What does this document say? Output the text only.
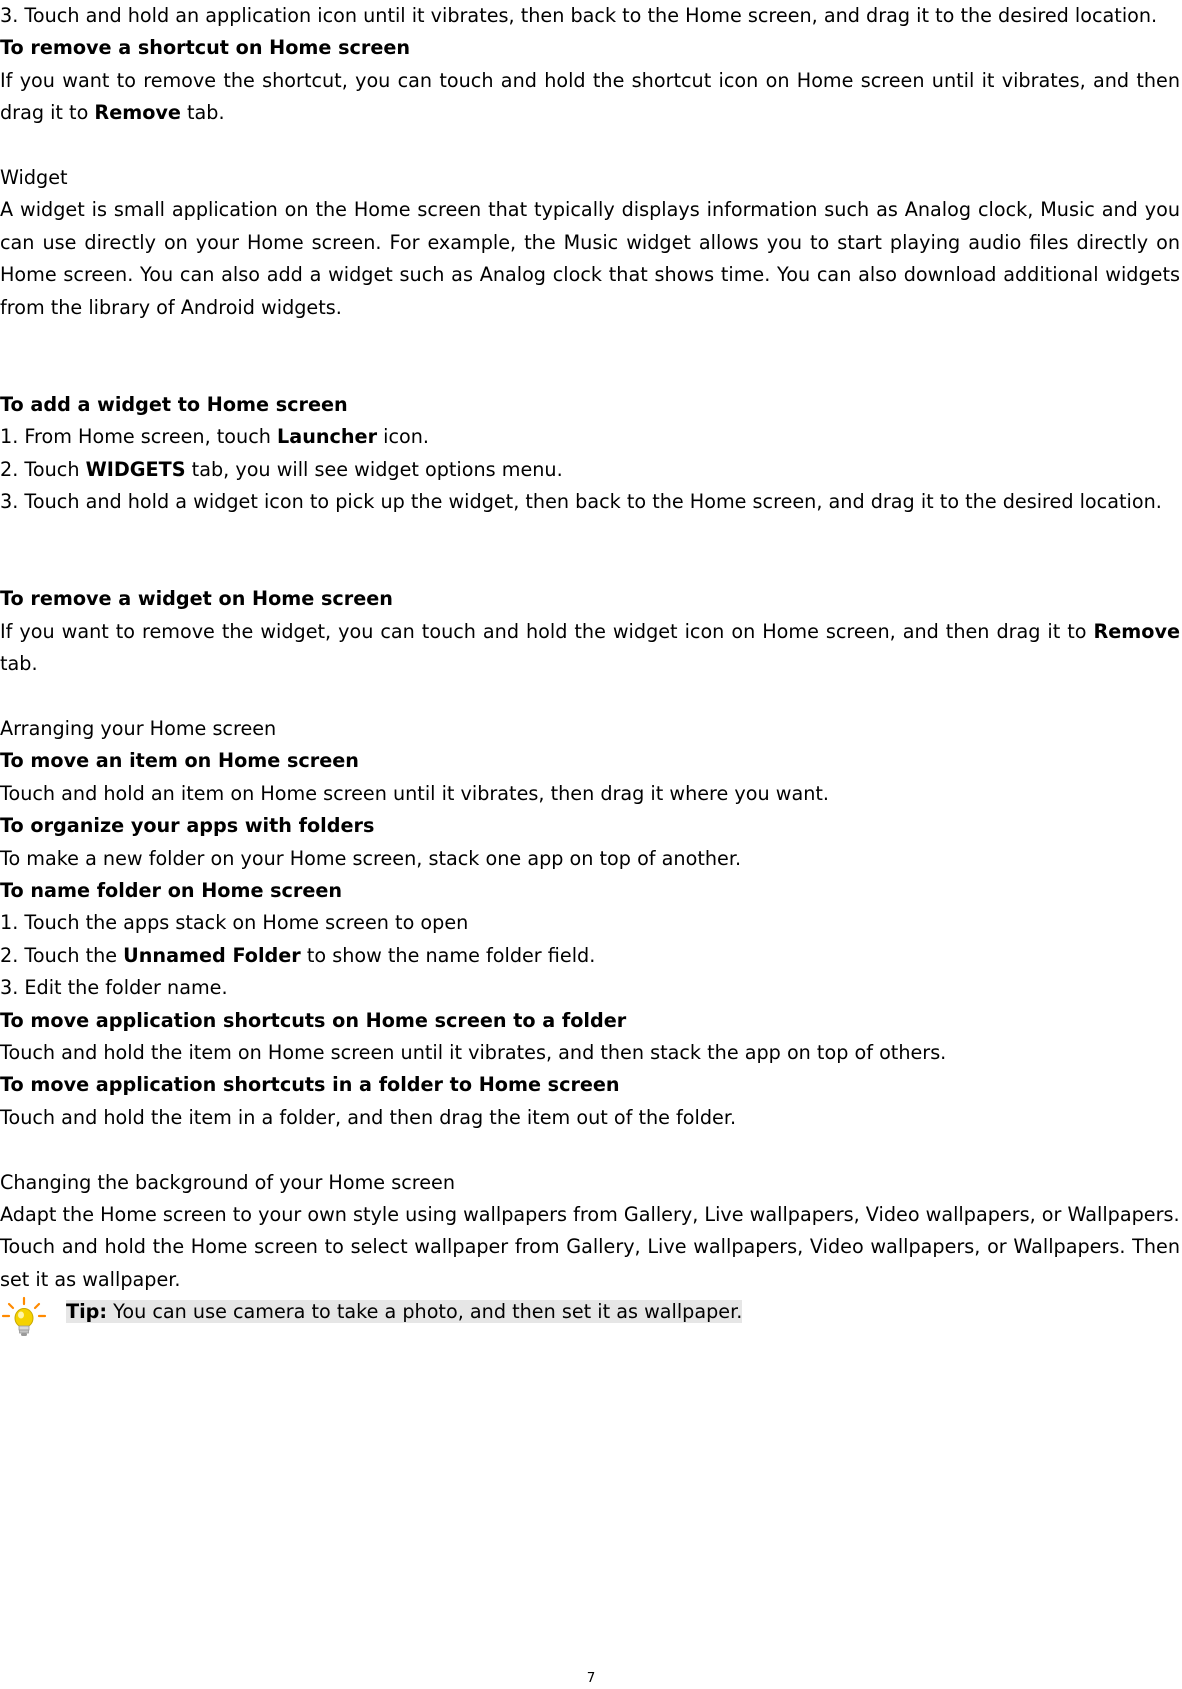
3. Touch and hold an application icon until it vibrates, then back to the Home screen, and drag it to the desired location.

To remove a shortcut on Home screen

If you want to remove the shortcut, you can touch and hold the shortcut icon on Home screen until it vibrates, and then drag it to Remove tab.

Widget

A widget is small application on the Home screen that typically displays information such as Analog clock, Music and you can use directly on your Home screen. For example, the Music widget allows you to start playing audio files directly on Home screen. You can also add a widget such as Analog clock that shows time. You can also download additional widgets from the library of Android widgets.

To add a widget to Home screen

1. From Home screen, touch Launcher icon.

2. Touch WIDGETS tab, you will see widget options menu.

3. Touch and hold a widget icon to pick up the widget, then back to the Home screen, and drag it to the desired location.

To remove a widget on Home screen

If you want to remove the widget, you can touch and hold the widget icon on Home screen, and then drag it to Remove tab.

Arranging your Home screen

To move an item on Home screen

Touch and hold an item on Home screen until it vibrates, then drag it where you want.

To organize your apps with folders

To make a new folder on your Home screen, stack one app on top of another.

To name folder on Home screen

1. Touch the apps stack on Home screen to open

2. Touch the Unnamed Folder to show the name folder field.

3. Edit the folder name.

To move application shortcuts on Home screen to a folder

Touch and hold the item on Home screen until it vibrates, and then stack the app on top of others.

To move application shortcuts in a folder to Home screen

Touch and hold the item in a folder, and then drag the item out of the folder.

Changing the background of your Home screen

Adapt the Home screen to your own style using wallpapers from Gallery, Live wallpapers, Video wallpapers, or Wallpapers.

Touch and hold the Home screen to select wallpaper from Gallery, Live wallpapers, Video wallpapers, or Wallpapers. Then set it as wallpaper.

Tip: You can use camera to take a photo, and then set it as wallpaper.
7
